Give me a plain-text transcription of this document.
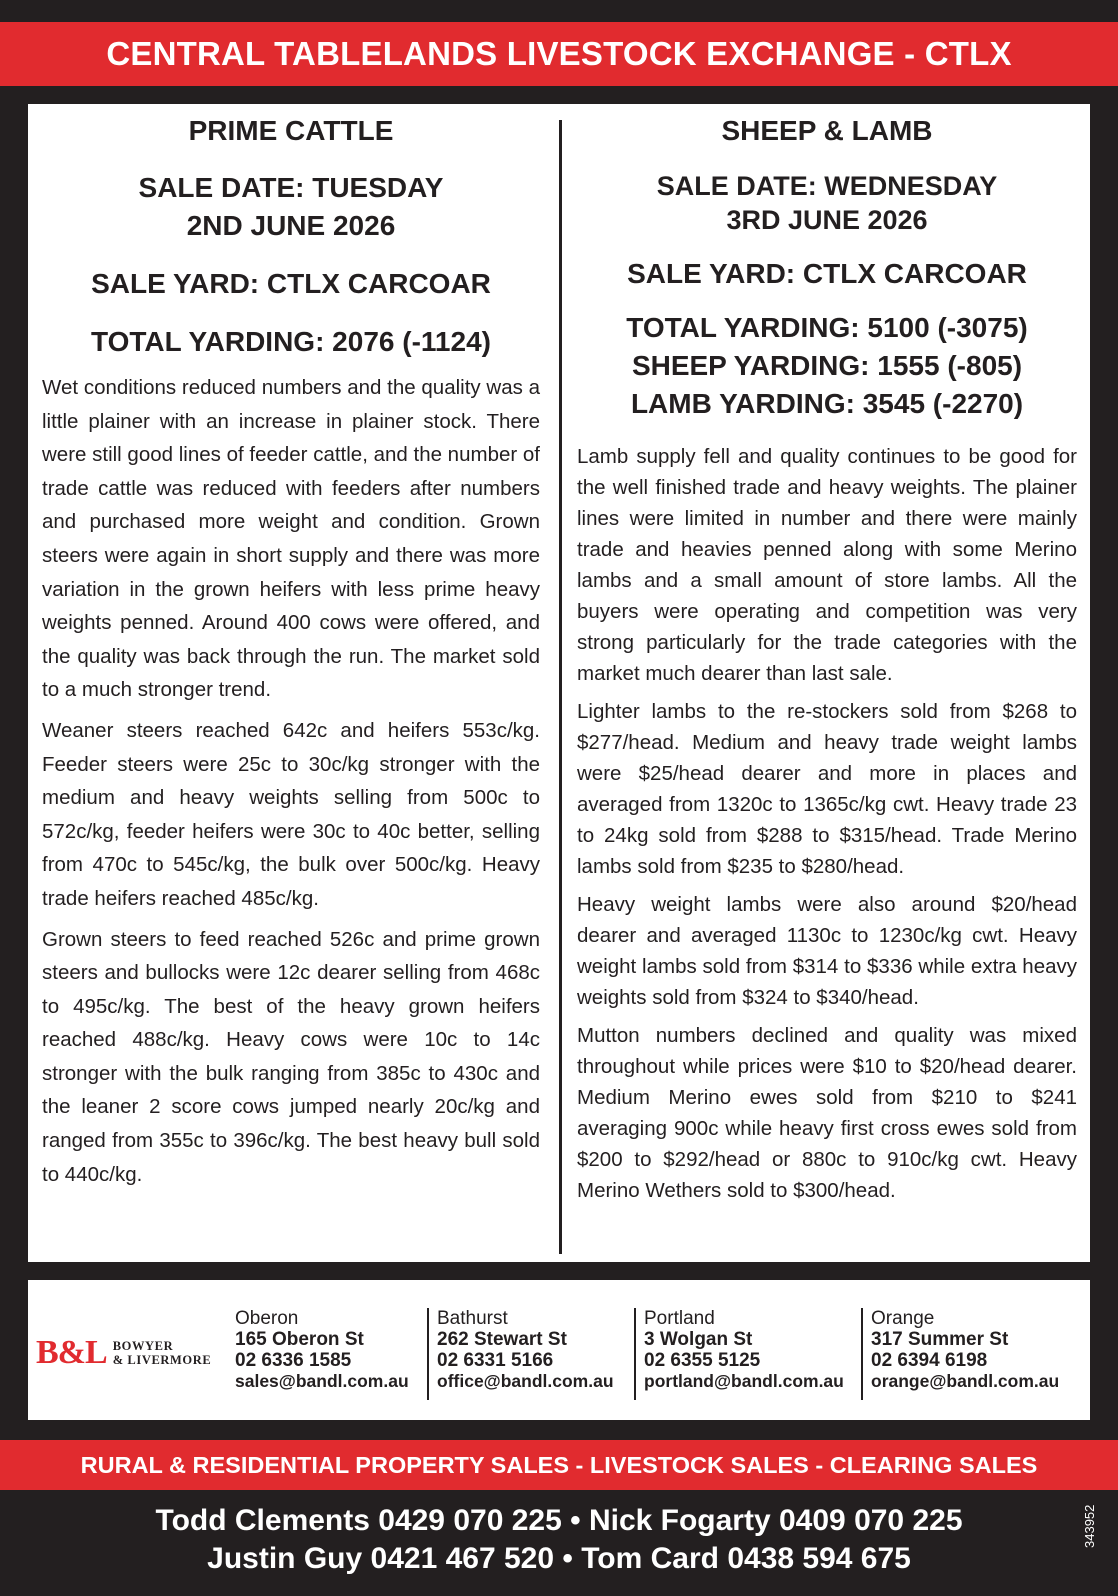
CENTRAL TABLELANDS LIVESTOCK EXCHANGE - CTLX
PRIME CATTLE
SALE DATE: TUESDAY
2ND JUNE 2026
SALE YARD: CTLX CARCOAR
TOTAL YARDING: 2076 (-1124)

Wet conditions reduced numbers and the quality was a little plainer with an increase in plainer stock. There were still good lines of feeder cattle, and the number of trade cattle was reduced with feeders after numbers and purchased more weight and condition. Grown steers were again in short supply and there was more variation in the grown heifers with less prime heavy weights penned. Around 400 cows were offered, and the quality was back through the run. The market sold to a much stronger trend.

Weaner steers reached 642c and heifers 553c/kg. Feeder steers were 25c to 30c/kg stronger with the medium and heavy weights selling from 500c to 572c/kg, feeder heifers were 30c to 40c better, selling from 470c to 545c/kg, the bulk over 500c/kg. Heavy trade heifers reached 485c/kg.

Grown steers to feed reached 526c and prime grown steers and bullocks were 12c dearer selling from 468c to 495c/kg. The best of the heavy grown heifers reached 488c/kg. Heavy cows were 10c to 14c stronger with the bulk ranging from 385c to 430c and the leaner 2 score cows jumped nearly 20c/kg and ranged from 355c to 396c/kg. The best heavy bull sold to 440c/kg.

SHEEP & LAMB
SALE DATE: WEDNESDAY
3RD JUNE 2026
SALE YARD: CTLX CARCOAR
TOTAL YARDING: 5100 (-3075)
SHEEP YARDING: 1555 (-805)
LAMB YARDING: 3545 (-2270)

Lamb supply fell and quality continues to be good for the well finished trade and heavy weights. The plainer lines were limited in number and there were mainly trade and heavies penned along with some Merino lambs and a small amount of store lambs. All the buyers were operating and competition was very strong particularly for the trade categories with the market much dearer than last sale.

Lighter lambs to the re-stockers sold from $268 to $277/head. Medium and heavy trade weight lambs were $25/head dearer and more in places and averaged from 1320c to 1365c/kg cwt. Heavy trade 23 to 24kg sold from $288 to $315/head. Trade Merino lambs sold from $235 to $280/head.

Heavy weight lambs were also around $20/head dearer and averaged 1130c to 1230c/kg cwt. Heavy weight lambs sold from $314 to $336 while extra heavy weights sold from $324 to $340/head.

Mutton numbers declined and quality was mixed throughout while prices were $10 to $20/head dearer. Medium Merino ewes sold from $210 to $241 averaging 900c while heavy first cross ewes sold from $200 to $292/head or 880c to 910c/kg cwt. Heavy Merino Wethers sold to $300/head.

B&L BOWYER
& LIVERMORE
Oberon
165 Oberon St
02 6336 1585
sales@bandl.com.au
Bathurst
262 Stewart St
02 6331 5166
office@bandl.com.au
Portland
3 Wolgan St
02 6355 5125
portland@bandl.com.au
Orange
317 Summer St
02 6394 6198
orange@bandl.com.au
RURAL & RESIDENTIAL PROPERTY SALES - LIVESTOCK SALES - CLEARING SALES
Todd Clements 0429 070 225 • Nick Fogarty 0409 070 225
Justin Guy 0421 467 520 • Tom Card 0438 594 675
343952
